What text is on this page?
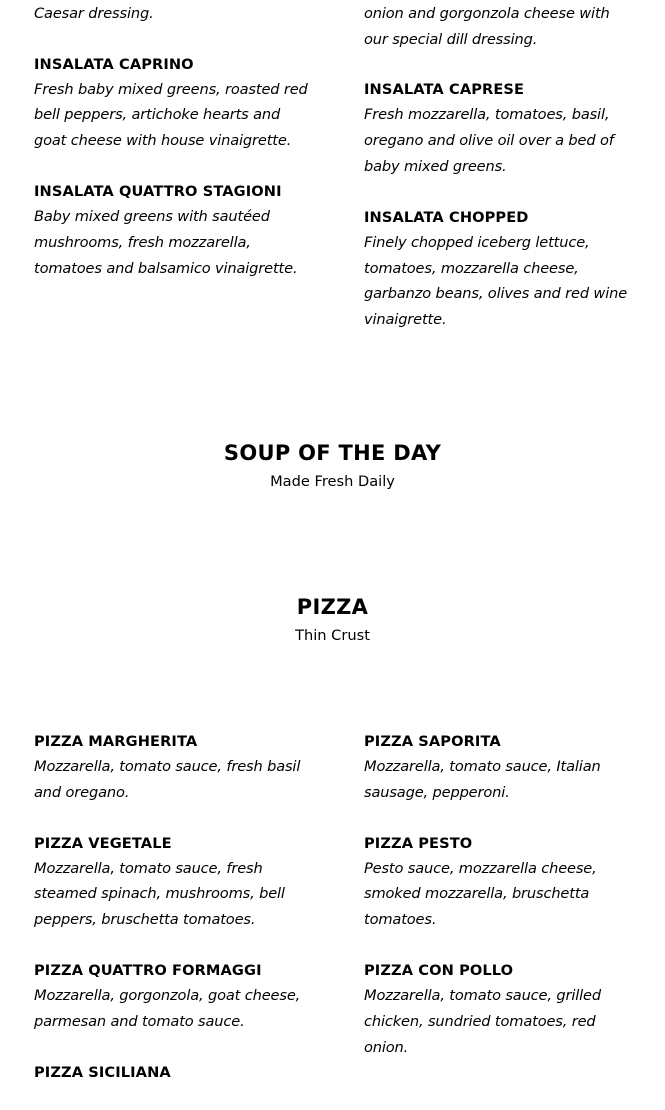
Caesar dressing.
INSALATA CAPRINO
Fresh baby mixed greens, roasted red bell peppers, artichoke hearts and goat cheese with house vinaigrette.
INSALATA QUATTRO STAGIONI
Baby mixed greens with sautéed mushrooms, fresh mozzarella, tomatoes and balsamico vinaigrette.
onion and gorgonzola cheese with our special dill dressing.
INSALATA CAPRESE
Fresh mozzarella, tomatoes, basil, oregano and olive oil over a bed of baby mixed greens.
INSALATA CHOPPED
Finely chopped iceberg lettuce, tomatoes, mozzarella cheese, garbanzo beans, olives and red wine vinaigrette.
SOUP OF THE DAY
Made Fresh Daily
PIZZA
Thin Crust
PIZZA MARGHERITA
Mozzarella, tomato sauce, fresh basil and oregano.
PIZZA VEGETALE
Mozzarella, tomato sauce, fresh steamed spinach, mushrooms, bell peppers, bruschetta tomatoes.
PIZZA QUATTRO FORMAGGI
Mozzarella, gorgonzola, goat cheese, parmesan and tomato sauce.
PIZZA SICILIANA
PIZZA SAPORITA
Mozzarella, tomato sauce, Italian sausage, pepperoni.
PIZZA PESTO
Pesto sauce, mozzarella cheese, smoked mozzarella, bruschetta tomatoes.
PIZZA CON POLLO
Mozzarella, tomato sauce, grilled chicken, sundried tomatoes, red onion.
